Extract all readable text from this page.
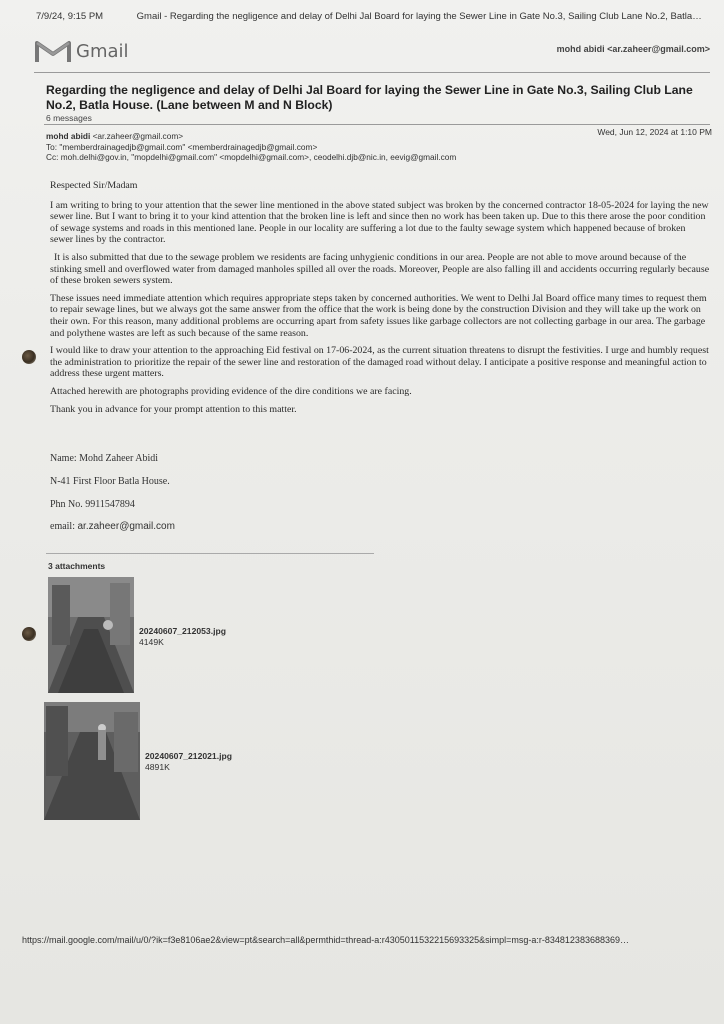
7/9/24, 9:15 PM	Gmail - Regarding the negligence and delay of Delhi Jal Board for laying the Sewer Line in Gate No.3, Sailing Club Lane No.2, Batla…
Gmail	mohd abidi <ar.zaheer@gmail.com>
Regarding the negligence and delay of Delhi Jal Board for laying the Sewer Line in Gate No.3, Sailing Club Lane No.2, Batla House. (Lane between M and N Block)
6 messages
mohd abidi <ar.zaheer@gmail.com>
To: "memberdrainagedjb@gmail.com" <memberdrainagedjb@gmail.com>
Cc: moh.delhi@gov.in, "mopdelhi@gmail.com" <mopdelhi@gmail.com>, ceodelhi.djb@nic.in, eevig@gmail.com
Wed, Jun 12, 2024 at 1:10 PM

Respected Sir/Madam

I am writing to bring to your attention that the sewer line mentioned in the above stated subject was broken by the concerned contractor 18-05-2024 for laying the new sewer line. But I want to bring it to your kind attention that the broken line is left and since then no work has been taken up. Due to this there arose the poor condition of sewage systems and roads in this mentioned lane. People in our locality are suffering a lot due to the faulty sewage system which happened because of broken sewer lines by the contractor.

It is also submitted that due to the sewage problem we residents are facing unhygienic conditions in our area. People are not able to move around because of the stinking smell and overflowed water from damaged manholes spilled all over the roads. Moreover, People are also falling ill and accidents occurring regularly because of these broken sewers system.

These issues need immediate attention which requires appropriate steps taken by concerned authorities. We went to Delhi Jal Board office many times to request them to repair sewage lines, but we always got the same answer from the office that the work is being done by the construction Division and they will take up the work on their own. For this reason, many additional problems are occurring apart from safety issues like garbage collectors are not collecting garbage in our area. The garbage and polythene wastes are left as such because of the same reason.

I would like to draw your attention to the approaching Eid festival on 17-06-2024, as the current situation threatens to disrupt the festivities. I urge and humbly request the administration to prioritize the repair of the sewer line and restoration of the damaged road without delay. I anticipate a positive response and meaningful action to address these urgent matters.

Attached herewith are photographs providing evidence of the dire conditions we are facing.

Thank you in advance for your prompt attention to this matter.

Name: Mohd Zaheer Abidi
N-41 First Floor Batla House.
Phn No. 9911547894
email: ar.zaheer@gmail.com
3 attachments
20240607_212053.jpg
4149K
20240607_212021.jpg
4891K
https://mail.google.com/mail/u/0/?ik=f3e8106ae2&view=pt&search=all&permthid=thread-a:r4305011532215693325&simpl=msg-a:r-834812383688369…
